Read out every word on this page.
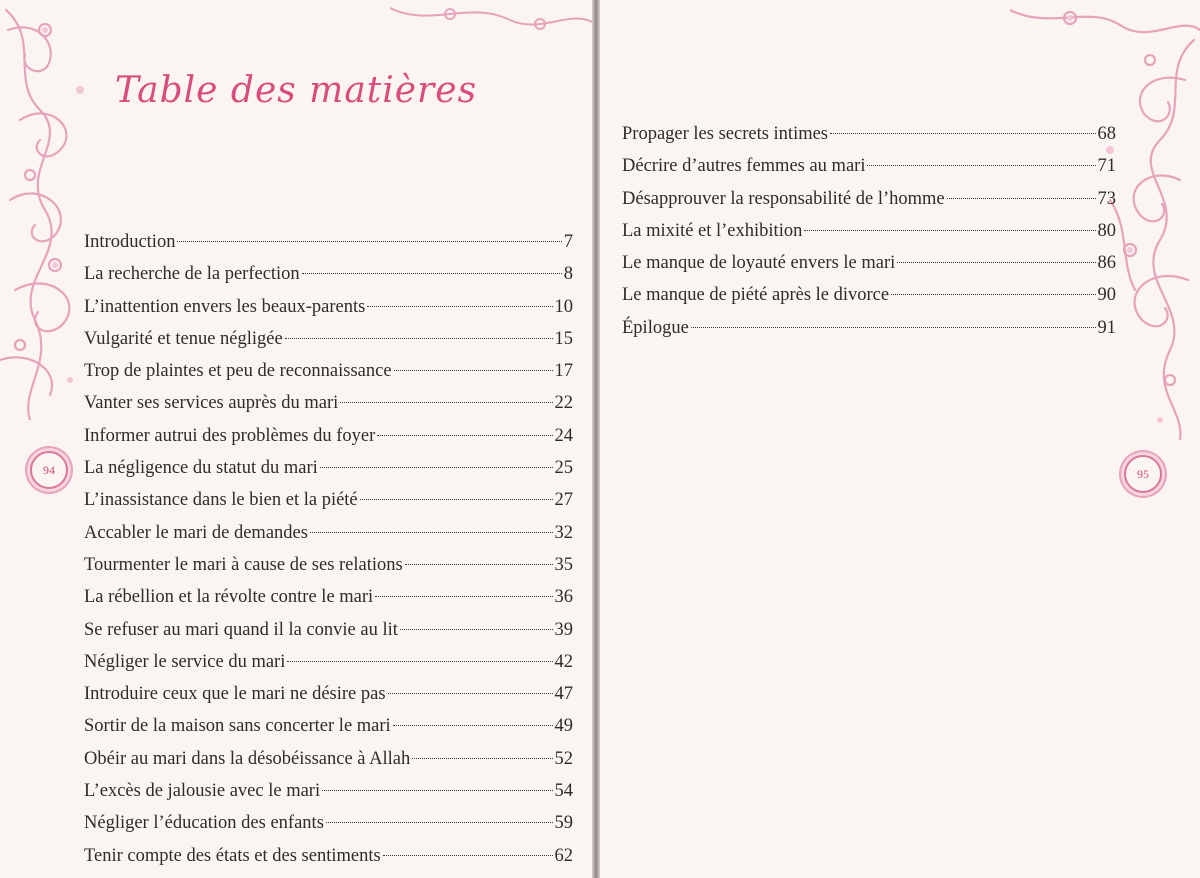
Table des matières
Introduction	7
La recherche de la perfection	8
L’inattention envers les beaux-parents	10
Vulgarité et tenue négligée	15
Trop de plaintes et peu de reconnaissance	17
Vanter ses services auprès du mari	22
Informer autrui des problèmes du foyer	24
La négligence du statut du mari	25
L’inassistance dans le bien et la piété	27
Accabler le mari de demandes	32
Tourmenter le mari à cause de ses relations	35
La rébellion et la révolte contre le mari	36
Se refuser au mari quand il la convie au lit	39
Négliger le service du mari	42
Introduire ceux que le mari ne désire pas	47
Sortir de la maison sans concerter le mari	49
Obéir au mari dans la désobéissance à Allah	52
L’excès de jalousie avec le mari	54
Négliger l’éducation des enfants	59
Tenir compte des états et des sentiments	62
94
Propager les secrets intimes	68
Décrire d’autres femmes au mari	71
Désapprouver la responsabilité de l’homme	73
La mixité et l’exhibition	80
Le manque de loyauté envers le mari	86
Le manque de piété après le divorce	90
Épilogue	91
95
